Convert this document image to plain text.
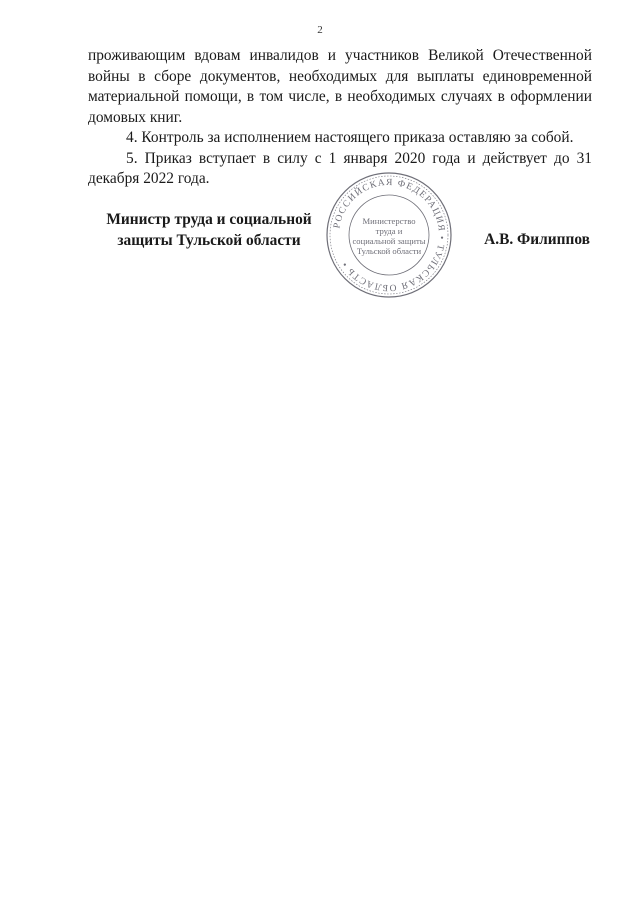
2

проживающим вдовам инвалидов и участников Великой Отечественной войны в сборе документов, необходимых для выплаты единовременной материальной помощи, в том числе, в необходимых случаях в оформлении домовых книг.

4. Контроль за исполнением настоящего приказа оставляю за собой.

5. Приказ вступает в силу с 1 января 2020 года и действует до 31 декабря 2022 года.

Министр труда и социальной
защиты Тульской области
РОССИЙСКАЯ ФЕДЕРАЦИЯ • ТУЛЬСКАЯ ОБЛАСТЬ •
Министерство
труда и
социальной защиты
Тульской области
А.В. Филиппов
